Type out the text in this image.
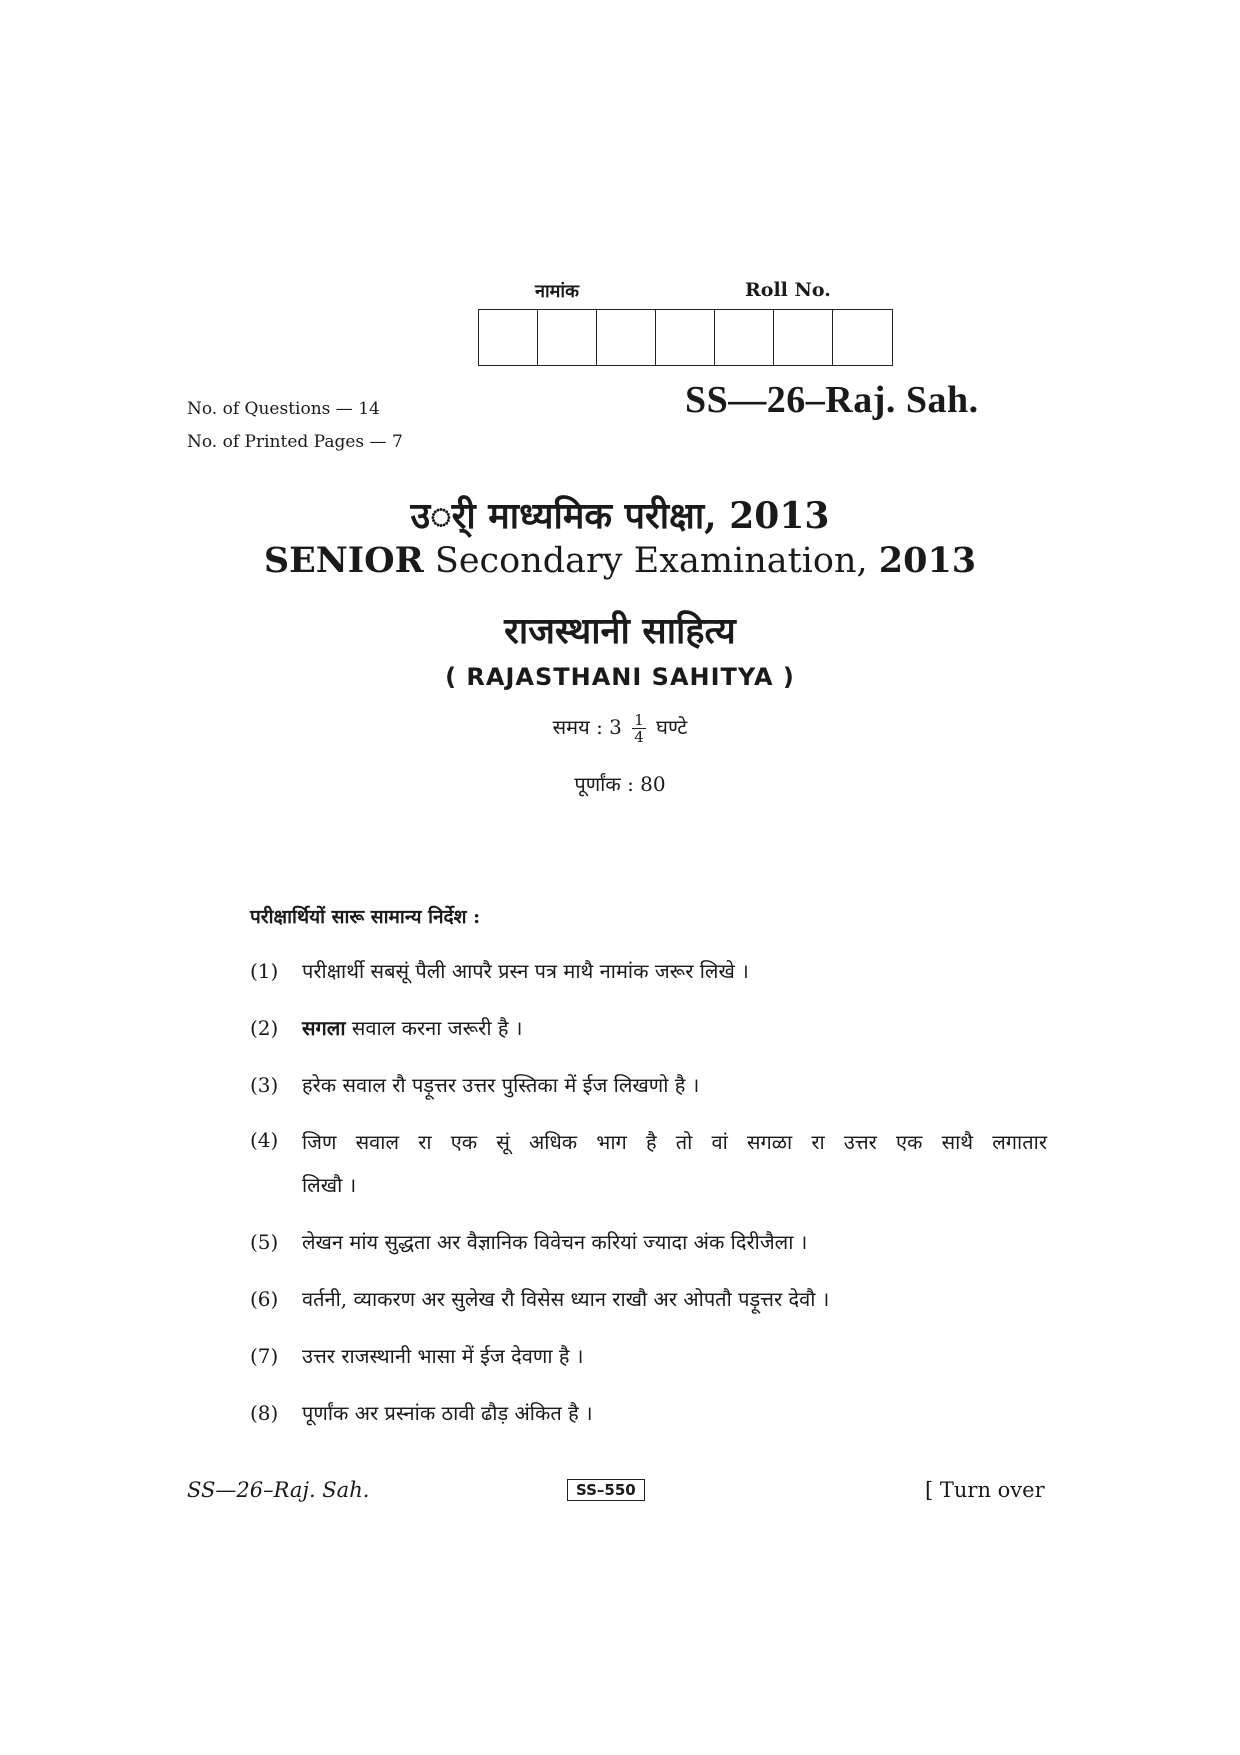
नामांक	Roll No.
No. of Questions — 14
No. of Printed Pages — 7
SS—26–Raj. Sah.
उर्ी माध्यमिक परीक्षा, 2013
SENIOR Secondary Examination, 2013
राजस्थानी साहित्य
( RAJASTHANI SAHITYA )
समय : $3 \frac{1}{4}$ घण्टे
पूर्णांक : 80
परीक्षार्थियों सारू सामान्य निर्देश :
(1) परीक्षार्थी सबसूं पैली आपरै प्रस्न पत्र माथै नामांक जरूर लिखे ।
(2) सगला सवाल करना जरूरी है ।
(3) हरेक सवाल रौ पड़ूत्तर उत्तर पुस्तिका में ईज लिखणो है ।
(4) जिण सवाल रा एक सूं अधिक भाग है तो वां सगळा रा उत्तर एक साथै लगातार
लिखौ ।
(5) लेखन मांय सुद्धता अर वैज्ञानिक विवेचन करियां ज्यादा अंक दिरीजैला ।
(6) वर्तनी, व्याकरण अर सुलेख रौ विसेस ध्यान राखौ अर ओपतौ पड़ूत्तर देवौ ।
(7) उत्तर राजस्थानी भासा में ईज देवणा है ।
(8) पूर्णांक अर प्रस्नांक ठावी ढौड़ अंकित है ।
SS—26–Raj. Sah.	SS–550	[ Turn over
